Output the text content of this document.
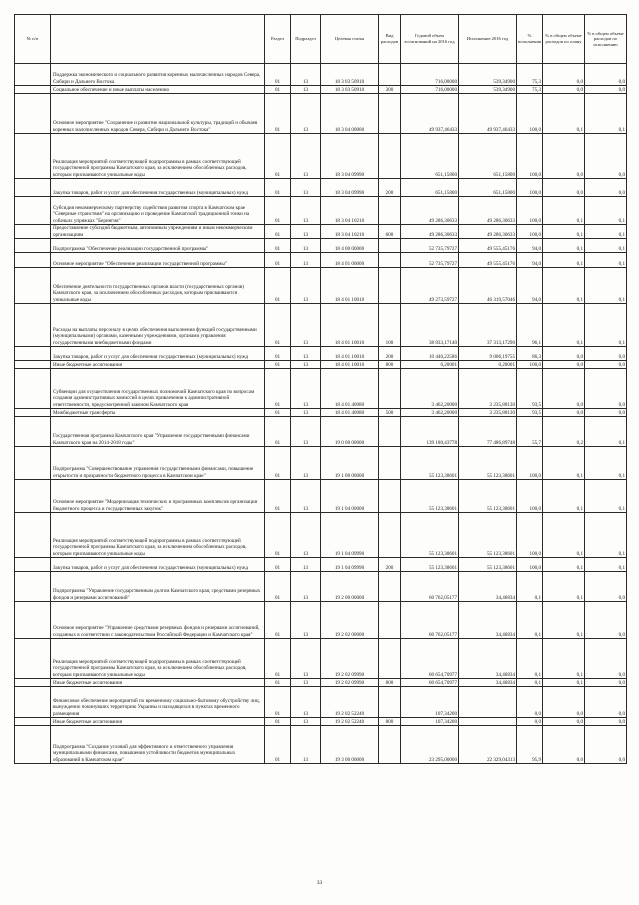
№ п/п		Раздел	Подраздел	Целевая статья	Вид расходов	Годовой объем ассигнований на 2016 год	Исполнение 2016 год	% исполнения	% в общем объеме расходов по плану	% в общем объеме расходов по исполнению
	Поддержка экономического и социального развития коренных малочисленных народов Севера, Сибири и Дальнего Востока	01	13	18 3 03 50910		716,00000	539,34900	75,3	0,0	0,0
	Социальное обеспечение и иные выплаты населению	01	13	18 3 03 50910	300	716,00000	539,34900	75,3	0,0	0,0
	Основное мероприятие "Сохранение и развитие национальной культуры, традиций и обычаев коренных малочисленных народов Севера, Сибири и Дальнего Востока"	01	13	18 3 04 00000		49 937,46433	49 937,46433	100,0	0,1	0,1
	Реализация мероприятий соответствующей подпрограммы в рамках соответствующей государственной программы Камчатского края, за исключением обособленных расходов, которым присваиваются уникальные коды	01	13	18 3 04 09990		651,15800	651,15800	100,0	0,0	0,0
	Закупка товаров, работ и услуг для обеспечения государственных (муниципальных) нужд	01	13	18 3 04 09990	200	651,15800	651,15800	100,0	0,0	0,0
	Субсидия некоммерческому партнерству содействия развития спорта в Камчатском крае "Северные странствия" на организацию и проведение Камчатской традиционной гонки на собачьих упряжках "Берингия"	01	13	18 3 04 10210		49 286,30633	49 286,30633	100,0	0,1	0,1
	Предоставление субсидий бюджетным, автономным учреждениям и иным некоммерческим организациям	01	13	18 3 04 10210	600	49 286,30633	49 286,30633	100,0	0,1	0,1
	Подпрограмма "Обеспечение реализации государственной программы"	01	13	18 4 00 00000		52 735,79727	49 555,45176	94,0	0,1	0,1
	Основное мероприятие "Обеспечение реализации государственной программы"	01	13	18 4 01 00000		52 735,79727	49 555,45176	94,0	0,1	0,1
	Обеспечение деятельности государственных органов власти (государственных органов) Камчатского края, за исключением обособленных расходов, которым присваиваются уникальные коды	01	13	18 4 01 10010		49 273,59727	46 319,57046	94,0	0,1	0,1
	Расходы на выплаты персоналу в целях обеспечения выполнения функций государственными (муниципальными) органами, казенными учреждениями, органами управления государственными внебюджетными фондами	01	13	18 4 01 10010	100	38 833,17140	37 313,17290	96,1	0,1	0,1
	Закупка товаров, работ и услуг для обеспечения государственных (муниципальных) нужд	01	13	18 4 01 10010	200	10 440,22586	9 006,19755	86,3	0,0	0,0
	Иные бюджетные ассигнования	01	13	18 4 01 10010	800	0,20001	0,20001	100,0	0,0	0,0
	Субвенции для осуществления государственных полномочий Камчатского края по вопросам создания административных комиссий в целях привлечения к административной ответственности, предусмотренной законом Камчатского края	01	13	18 4 01 40080		3 462,20000	3 235,88130	93,5	0,0	0,0
	Межбюджетные трансферты	01	13	18 4 01 40080	500	3 462,20000	3 235,88130	93,5	0,0	0,0
	Государственная программа Камчатского края "Управление государственными финансами Камчатского края на 2014-2018 годы"	01	13	19 0 00 00000		139 180,43778	77 486,89748	55,7	0,2	0,1
	Подпрограмма "Совершенствование управления государственными финансами, повышение открытости и прозрачности бюджетного процесса в Камчатском крае"	01	13	19 1 00 00000		55 123,38601	55 123,38601	100,0	0,1	0,1
	Основное мероприятие "Модернизация технических и программных комплексов организации бюджетного процесса и государственных закупок"	01	13	19 1 04 00000		55 123,38601	55 123,38601	100,0	0,1	0,1
	Реализация мероприятий соответствующей подпрограммы в рамках соответствующей государственной программы Камчатского края, за исключением обособленных расходов, которым присваиваются уникальные коды	01	13	19 1 04 09990		55 123,38601	55 123,38601	100,0	0,1	0,1
	Закупка товаров, работ и услуг для обеспечения государственных (муниципальных) нужд	01	13	19 1 04 09990	200	55 123,38601	55 123,38601	100,0	0,1	0,1
	Подпрограмма "Управление государственным долгом Камчатского края, средствами резервных фондов и резервами ассигнований"	01	13	19 2 00 00000		60 762,05177	34,46834	0,1	0,1	0,0
	Основное мероприятие "Управление средствами резервных фондов и резервами ассигнований, созданных в соответствии с законодательством Российской Федерации и Камчатского края"	01	13	19 2 02 00000		60 762,05177	34,46834	0,1	0,1	0,0
	Реализация мероприятий соответствующей подпрограммы в рамках соответствующей государственной программы Камчатского края, за исключением обособленных расходов, которым присваиваются уникальные коды	01	13	19 2 02 09990		60 654,70977	34,46834	0,1	0,1	0,0
	Иные бюджетные ассигнования	01	13	19 2 02 09990	800	60 654,70977	34,46834	0,1	0,1	0,0
	Финансовое обеспечение мероприятий по временному социально-бытовому обустройству лиц, вынужденно покинувших территорию Украины и находящихся в пунктах временного размещения	01	13	19 2 02 52240		107,34200		0,0	0,0	0,0
	Иные бюджетные ассигнования	01	13	19 2 02 52240	800	107,34200		0,0	0,0	0,0
	Подпрограмма "Создание условий для эффективного и ответственного управления муниципальными финансами, повышения устойчивости бюджетов муниципальных образований в Камчатском крае"	01	13	19 3 00 00000		23 295,00000	22 329,04313	95,9	0,0	0,0
33
